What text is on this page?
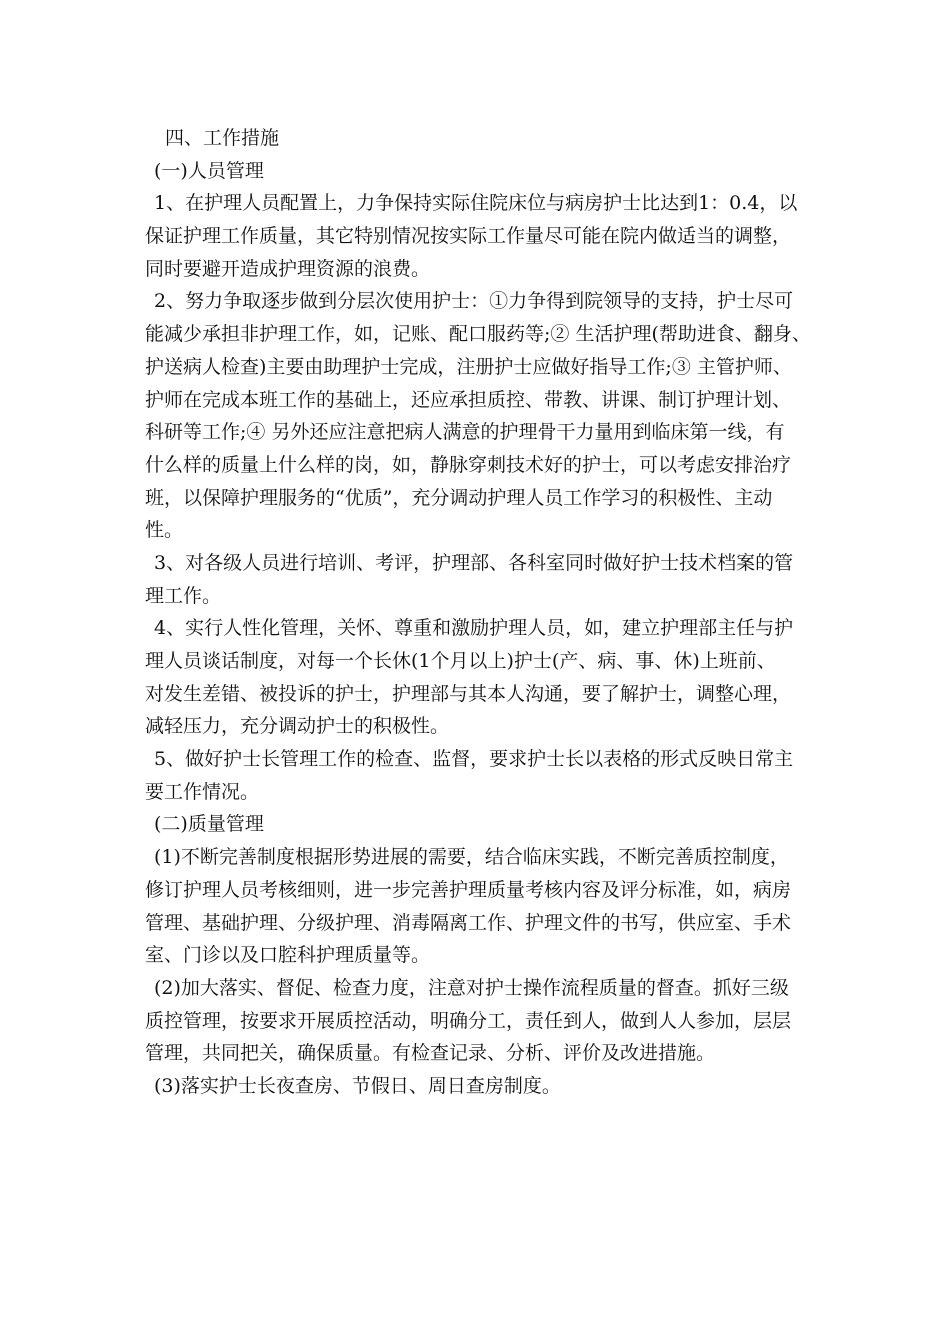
四、工作措施
(一)人员管理
1、在护理人员配置上，力争保持实际住院床位与病房护士比达到1：0.4，以
保证护理工作质量，其它特别情况按实际工作量尽可能在院内做适当的调整，
同时要避开造成护理资源的浪费。
2、努力争取逐步做到分层次使用护士：①力争得到院领导的支持，护士尽可
能减少承担非护理工作，如，记账、配口服药等;② 生活护理(帮助进食、翻身、
护送病人检查)主要由助理护士完成，注册护士应做好指导工作;③ 主管护师、
护师在完成本班工作的基础上，还应承担质控、带教、讲课、制订护理计划、
科研等工作;④ 另外还应注意把病人满意的护理骨干力量用到临床第一线，有
什么样的质量上什么样的岗，如，静脉穿刺技术好的护士，可以考虑安排治疗
班，以保障护理服务的“优质”，充分调动护理人员工作学习的积极性、主动
性。
3、对各级人员进行培训、考评，护理部、各科室同时做好护士技术档案的管
理工作。
4、实行人性化管理，关怀、尊重和激励护理人员，如，建立护理部主任与护
理人员谈话制度，对每一个长休(1个月以上)护士(产、病、事、休)上班前、
对发生差错、被投诉的护士，护理部与其本人沟通，要了解护士，调整心理，
减轻压力，充分调动护士的积极性。
5、做好护士长管理工作的检查、监督，要求护士长以表格的形式反映日常主
要工作情况。
(二)质量管理
(1)不断完善制度根据形势进展的需要，结合临床实践，不断完善质控制度，
修订护理人员考核细则，进一步完善护理质量考核内容及评分标准，如，病房
管理、基础护理、分级护理、消毒隔离工作、护理文件的书写，供应室、手术
室、门诊以及口腔科护理质量等。
(2)加大落实、督促、检查力度，注意对护士操作流程质量的督查。抓好三级
质控管理，按要求开展质控活动，明确分工，责任到人，做到人人参加，层层
管理，共同把关，确保质量。有检查记录、分析、评价及改进措施。
(3)落实护士长夜查房、节假日、周日查房制度。
